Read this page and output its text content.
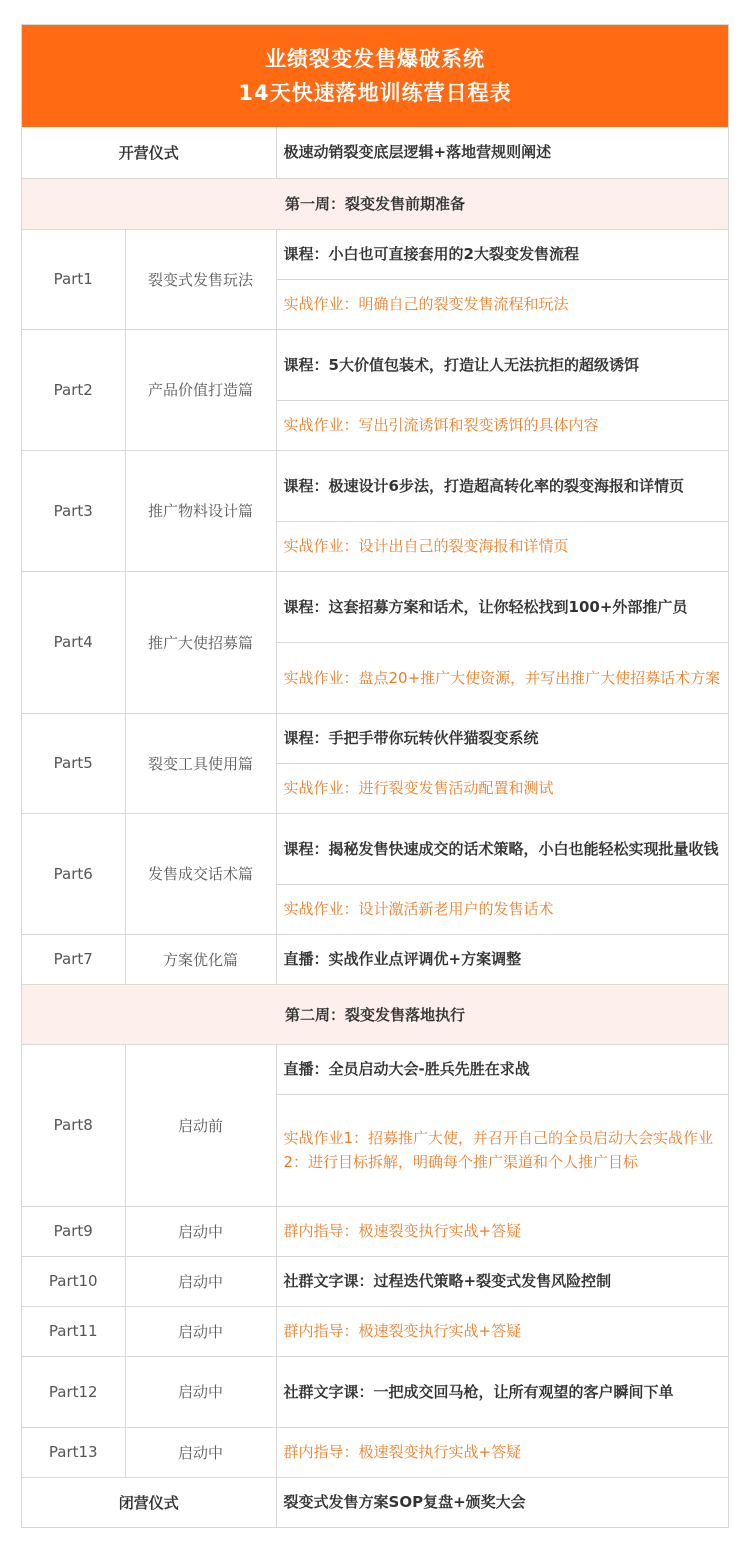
业绩裂变发售爆破系统
14天快速落地训练营日程表
开营仪式		极速动销裂变底层逻辑+落地营规则阐述
第一周：裂变发售前期准备		
Part1	裂变式发售玩法	课程：小白也可直接套用的2大裂变发售流程
		实战作业：明确自己的裂变发售流程和玩法
Part2	产品价值打造篇	课程：5大价值包装术，打造让人无法抗拒的超级诱饵
		实战作业：写出引流诱饵和裂变诱饵的具体内容
Part3	推广物料设计篇	课程：极速设计6步法，打造超高转化率的裂变海报和详情页
		实战作业：设计出自己的裂变海报和详情页
Part4	推广大使招募篇	课程：这套招募方案和话术，让你轻松找到100+外部推广员
		实战作业：盘点20+推广大使资源，并写出推广大使招募话术方案
Part5	裂变工具使用篇	课程：手把手带你玩转伙伴猫裂变系统
		实战作业：进行裂变发售活动配置和测试
Part6	发售成交话术篇	课程：揭秘发售快速成交的话术策略，小白也能轻松实现批量收钱
		实战作业：设计激活新老用户的发售话术
Part7	方案优化篇	直播：实战作业点评调优+方案调整
第二周：裂变发售落地执行		
Part8	启动前	直播：全员启动大会-胜兵先胜在求战
		实战作业1：招募推广大使，并召开自己的全员启动大会实战作业2：进行目标拆解，明确每个推广渠道和个人推广目标
Part9	启动中	群内指导：极速裂变执行实战+答疑
Part10	启动中	社群文字课：过程迭代策略+裂变式发售风险控制
Part11	启动中	群内指导：极速裂变执行实战+答疑
Part12	启动中	社群文字课：一把成交回马枪，让所有观望的客户瞬间下单
Part13	启动中	群内指导：极速裂变执行实战+答疑
闭营仪式		裂变式发售方案SOP复盘+颁奖大会
